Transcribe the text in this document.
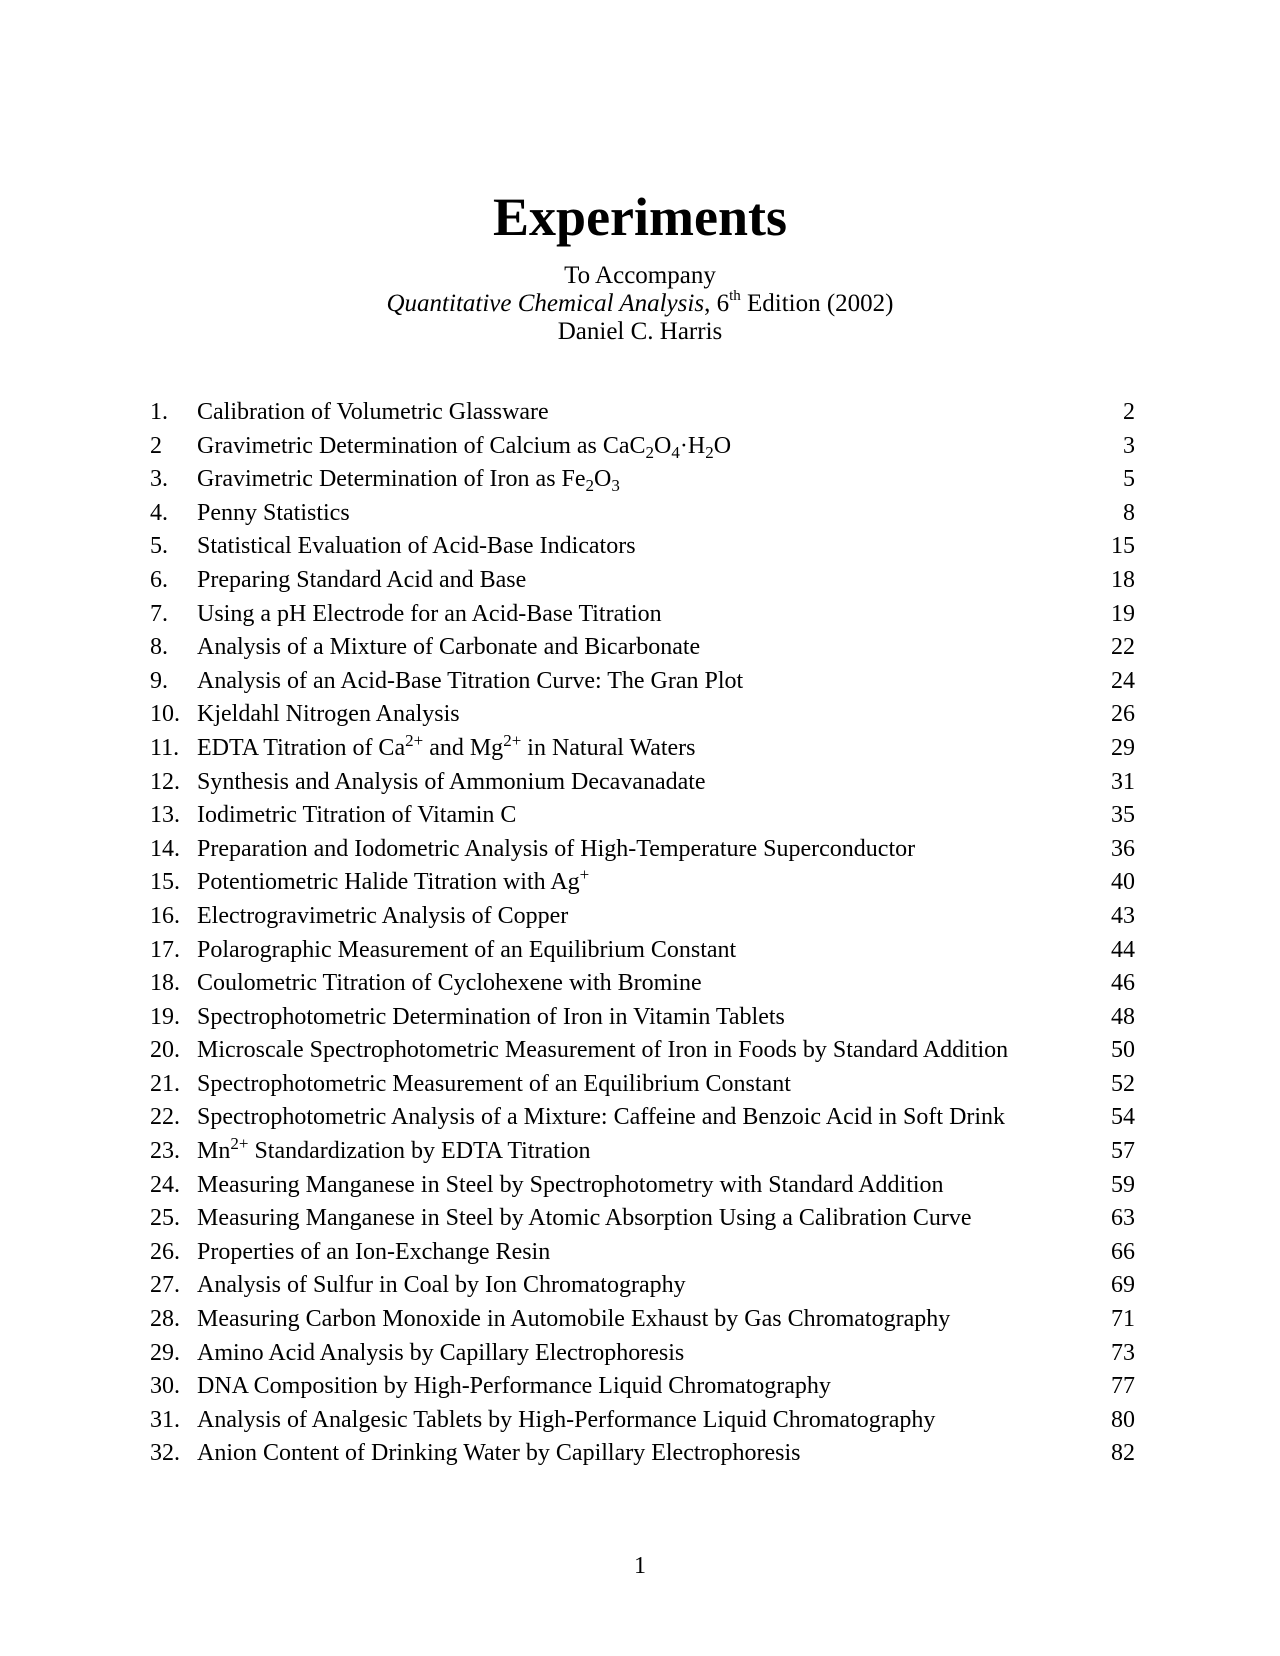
Experiments
To Accompany
Quantitative Chemical Analysis, 6th Edition (2002)
Daniel C. Harris
1. Calibration of Volumetric Glassware	2
2 Gravimetric Determination of Calcium as $CaC_2O_4\cdot H_2O$	3
3. Gravimetric Determination of Iron as $Fe_2O_3$	5
4. Penny Statistics	8
5. Statistical Evaluation of Acid-Base Indicators	15
6. Preparing Standard Acid and Base	18
7. Using a pH Electrode for an Acid-Base Titration	19
8. Analysis of a Mixture of Carbonate and Bicarbonate	22
9. Analysis of an Acid-Base Titration Curve: The Gran Plot	24
10. Kjeldahl Nitrogen Analysis	26
11. EDTA Titration of $Ca^{2+}$ and $Mg^{2+}$ in Natural Waters	29
12. Synthesis and Analysis of Ammonium Decavanadate	31
13. Iodimetric Titration of Vitamin C	35
14. Preparation and Iodometric Analysis of High-Temperature Superconductor	36
15. Potentiometric Halide Titration with Ag+	40
16. Electrogravimetric Analysis of Copper	43
17. Polarographic Measurement of an Equilibrium Constant	44
18. Coulometric Titration of Cyclohexene with Bromine	46
19. Spectrophotometric Determination of Iron in Vitamin Tablets	48
20. Microscale Spectrophotometric Measurement of Iron in Foods by Standard Addition	50
21. Spectrophotometric Measurement of an Equilibrium Constant	52
22. Spectrophotometric Analysis of a Mixture: Caffeine and Benzoic Acid in Soft Drink	54
23. $Mn^{2+}$ Standardization by EDTA Titration	57
24. Measuring Manganese in Steel by Spectrophotometry with Standard Addition	59
25. Measuring Manganese in Steel by Atomic Absorption Using a Calibration Curve	63
26. Properties of an Ion-Exchange Resin	66
27. Analysis of Sulfur in Coal by Ion Chromatography	69
28. Measuring Carbon Monoxide in Automobile Exhaust by Gas Chromatography	71
29. Amino Acid Analysis by Capillary Electrophoresis	73
30. DNA Composition by High-Performance Liquid Chromatography	77
31. Analysis of Analgesic Tablets by High-Performance Liquid Chromatography	80
32. Anion Content of Drinking Water by Capillary Electrophoresis	82
1
